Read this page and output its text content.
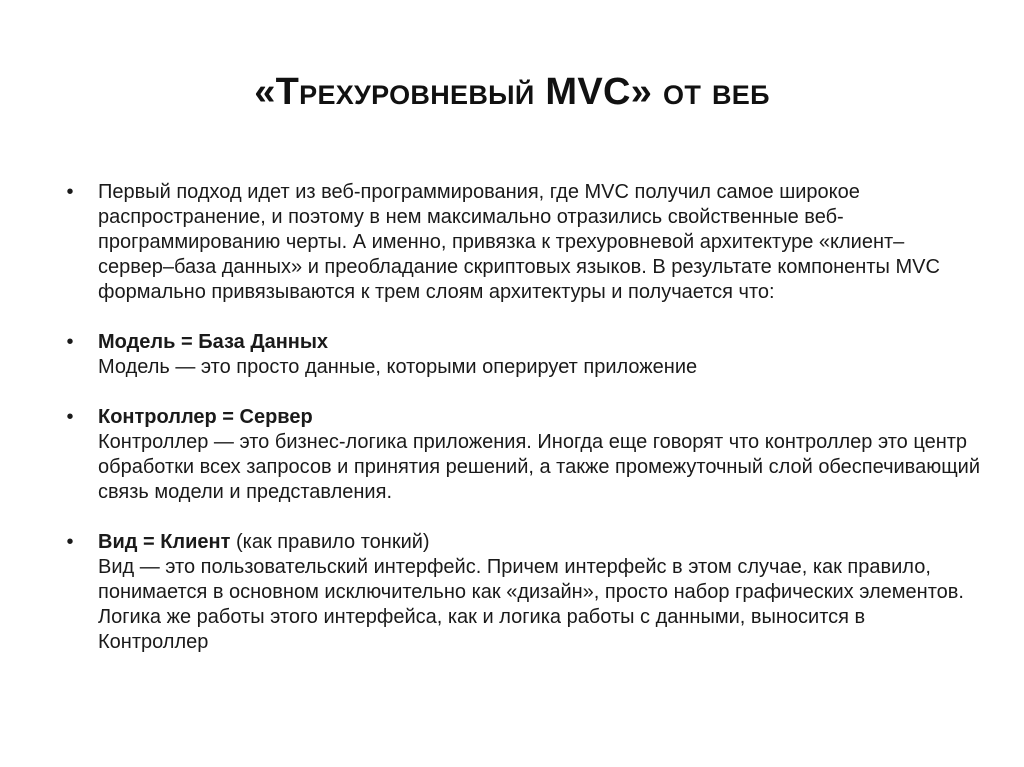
«Трехуровневый MVC» от веб
•	Первый подход идет из веб-программирования, где MVC получил самое широкое распространение, и поэтому в нем максимально отразились свойственные веб-программированию черты. А именно, привязка к трехуровневой архитектуре «клиент–сервер–база данных» и преобладание скриптовых языков. В результате компоненты MVC формально привязываются к трем слоям архитектуры и получается что:
•	Модель = База Данных
Модель — это просто данные, которыми оперирует приложение
•	Контроллер = Сервер
Контроллер — это бизнес-логика приложения. Иногда еще говорят что контроллер это центр обработки всех запросов и принятия решений, а также промежуточный слой обеспечивающий связь модели и представления.
•	Вид = Клиент (как правило тонкий)
Вид — это пользовательский интерфейс. Причем интерфейс в этом случае, как правило, понимается в основном исключительно как «дизайн», просто набор графических элементов. Логика же работы этого интерфейса, как и логика работы с данными, выносится в Контроллер
